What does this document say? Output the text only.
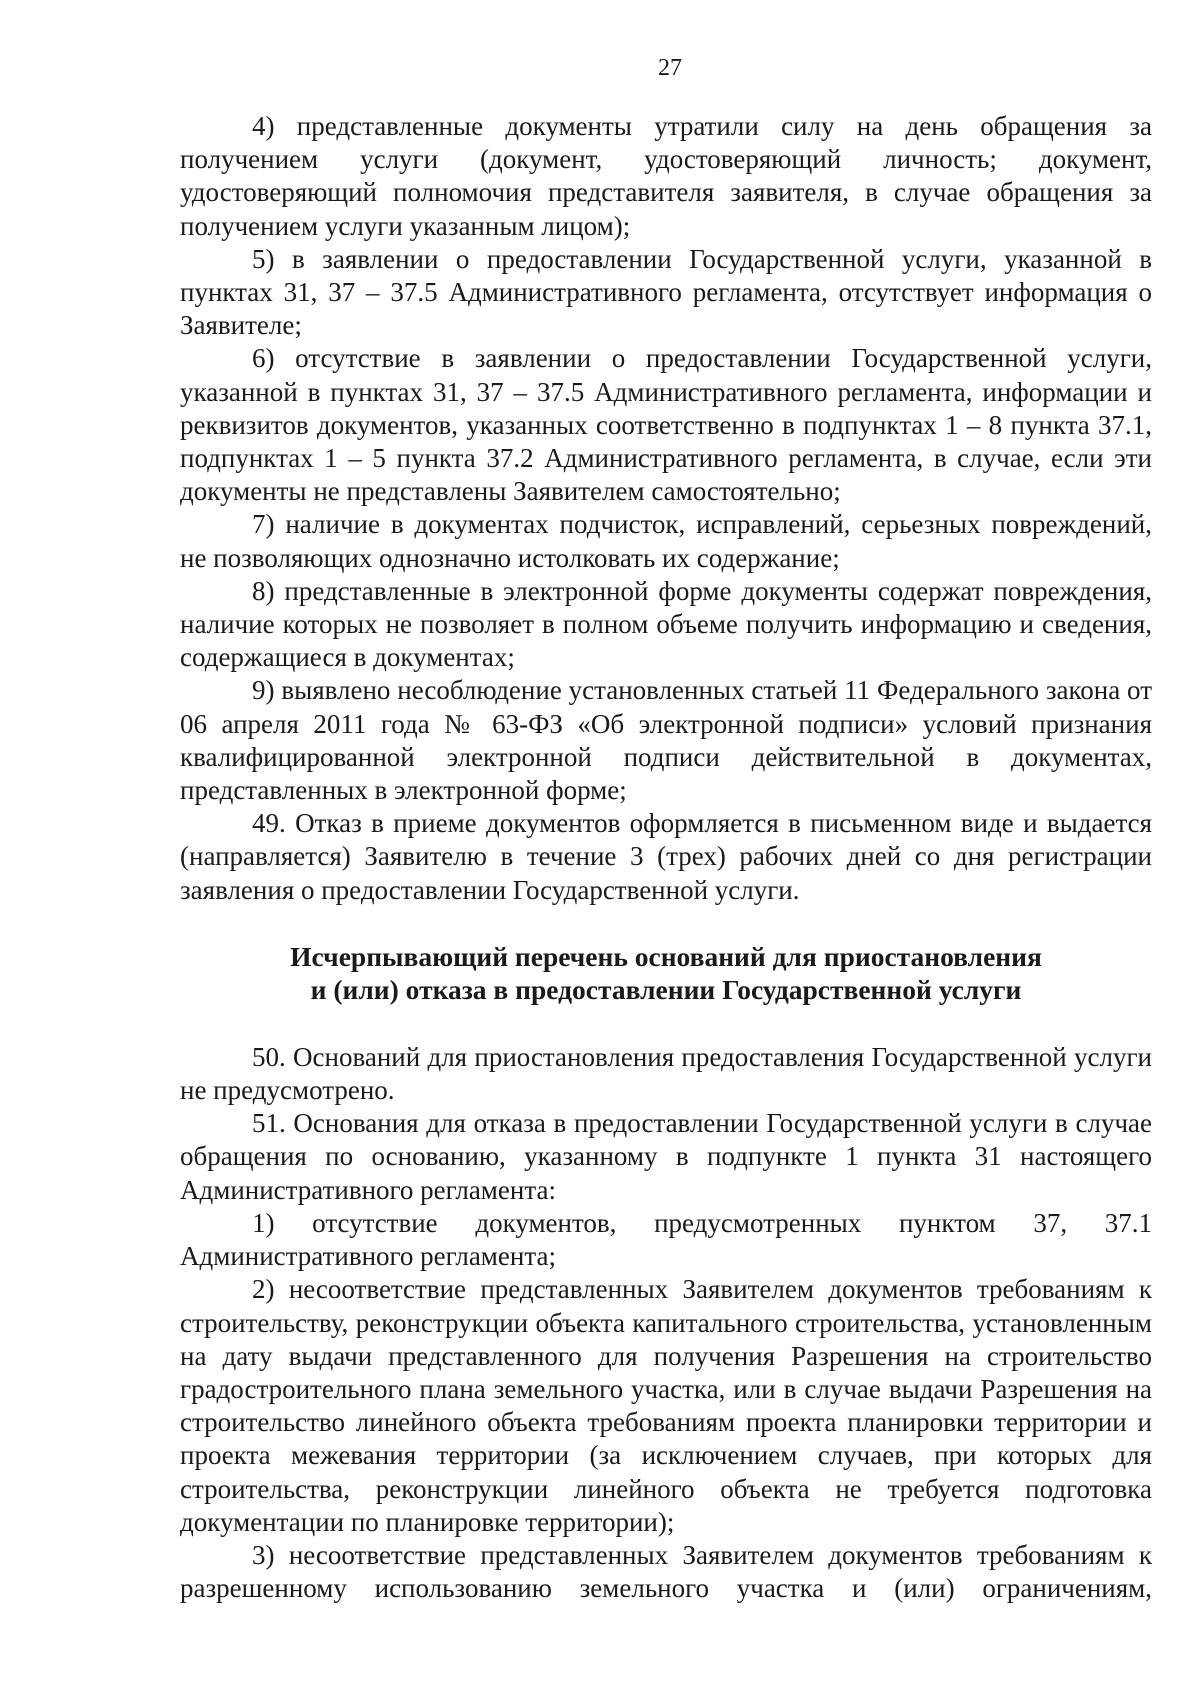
27

4) представленные документы утратили силу на день обращения за получением услуги (документ, удостоверяющий личность; документ, удостоверяющий полномочия представителя заявителя, в случае обращения за получением услуги указанным лицом);

5) в заявлении о предоставлении Государственной услуги, указанной в пунктах 31, 37 – 37.5 Административного регламента, отсутствует информация о Заявителе;

6) отсутствие в заявлении о предоставлении Государственной услуги, указанной в пунктах 31, 37 – 37.5 Административного регламента, информации и реквизитов документов, указанных соответственно в подпунктах 1 – 8 пункта 37.1, подпунктах 1 – 5 пункта 37.2 Административного регламента, в случае, если эти документы не представлены Заявителем самостоятельно;

7) наличие в документах подчисток, исправлений, серьезных повреждений, не позволяющих однозначно истолковать их содержание;

8) представленные в электронной форме документы содержат повреждения, наличие которых не позволяет в полном объеме получить информацию и сведения, содержащиеся в документах;

9) выявлено несоблюдение установленных статьей 11 Федерального закона от 06 апреля 2011 года № 63-ФЗ «Об электронной подписи» условий признания квалифицированной электронной подписи действительной в документах, представленных в электронной форме;

49. Отказ в приеме документов оформляется в письменном виде и выдается (направляется) Заявителю в течение 3 (трех) рабочих дней со дня регистрации заявления о предоставлении Государственной услуги.

Исчерпывающий перечень оснований для приостановления

и (или) отказа в предоставлении Государственной услуги

50. Оснований для приостановления предоставления Государственной услуги не предусмотрено.

51. Основания для отказа в предоставлении Государственной услуги в случае обращения по основанию, указанному в подпункте 1 пункта 31 настоящего Административного регламента:

1) отсутствие документов, предусмотренных пунктом 37, 37.1 Административного регламента;

2) несоответствие представленных Заявителем документов требованиям к строительству, реконструкции объекта капитального строительства, установленным на дату выдачи представленного для получения Разрешения на строительство градостроительного плана земельного участка, или в случае выдачи Разрешения на строительство линейного объекта требованиям проекта планировки территории и проекта межевания территории (за исключением случаев, при которых для строительства, реконструкции линейного объекта не требуется подготовка документации по планировке территории);

3) несоответствие представленных Заявителем документов требованиям к разрешенному использованию земельного участка и (или) ограничениям,
